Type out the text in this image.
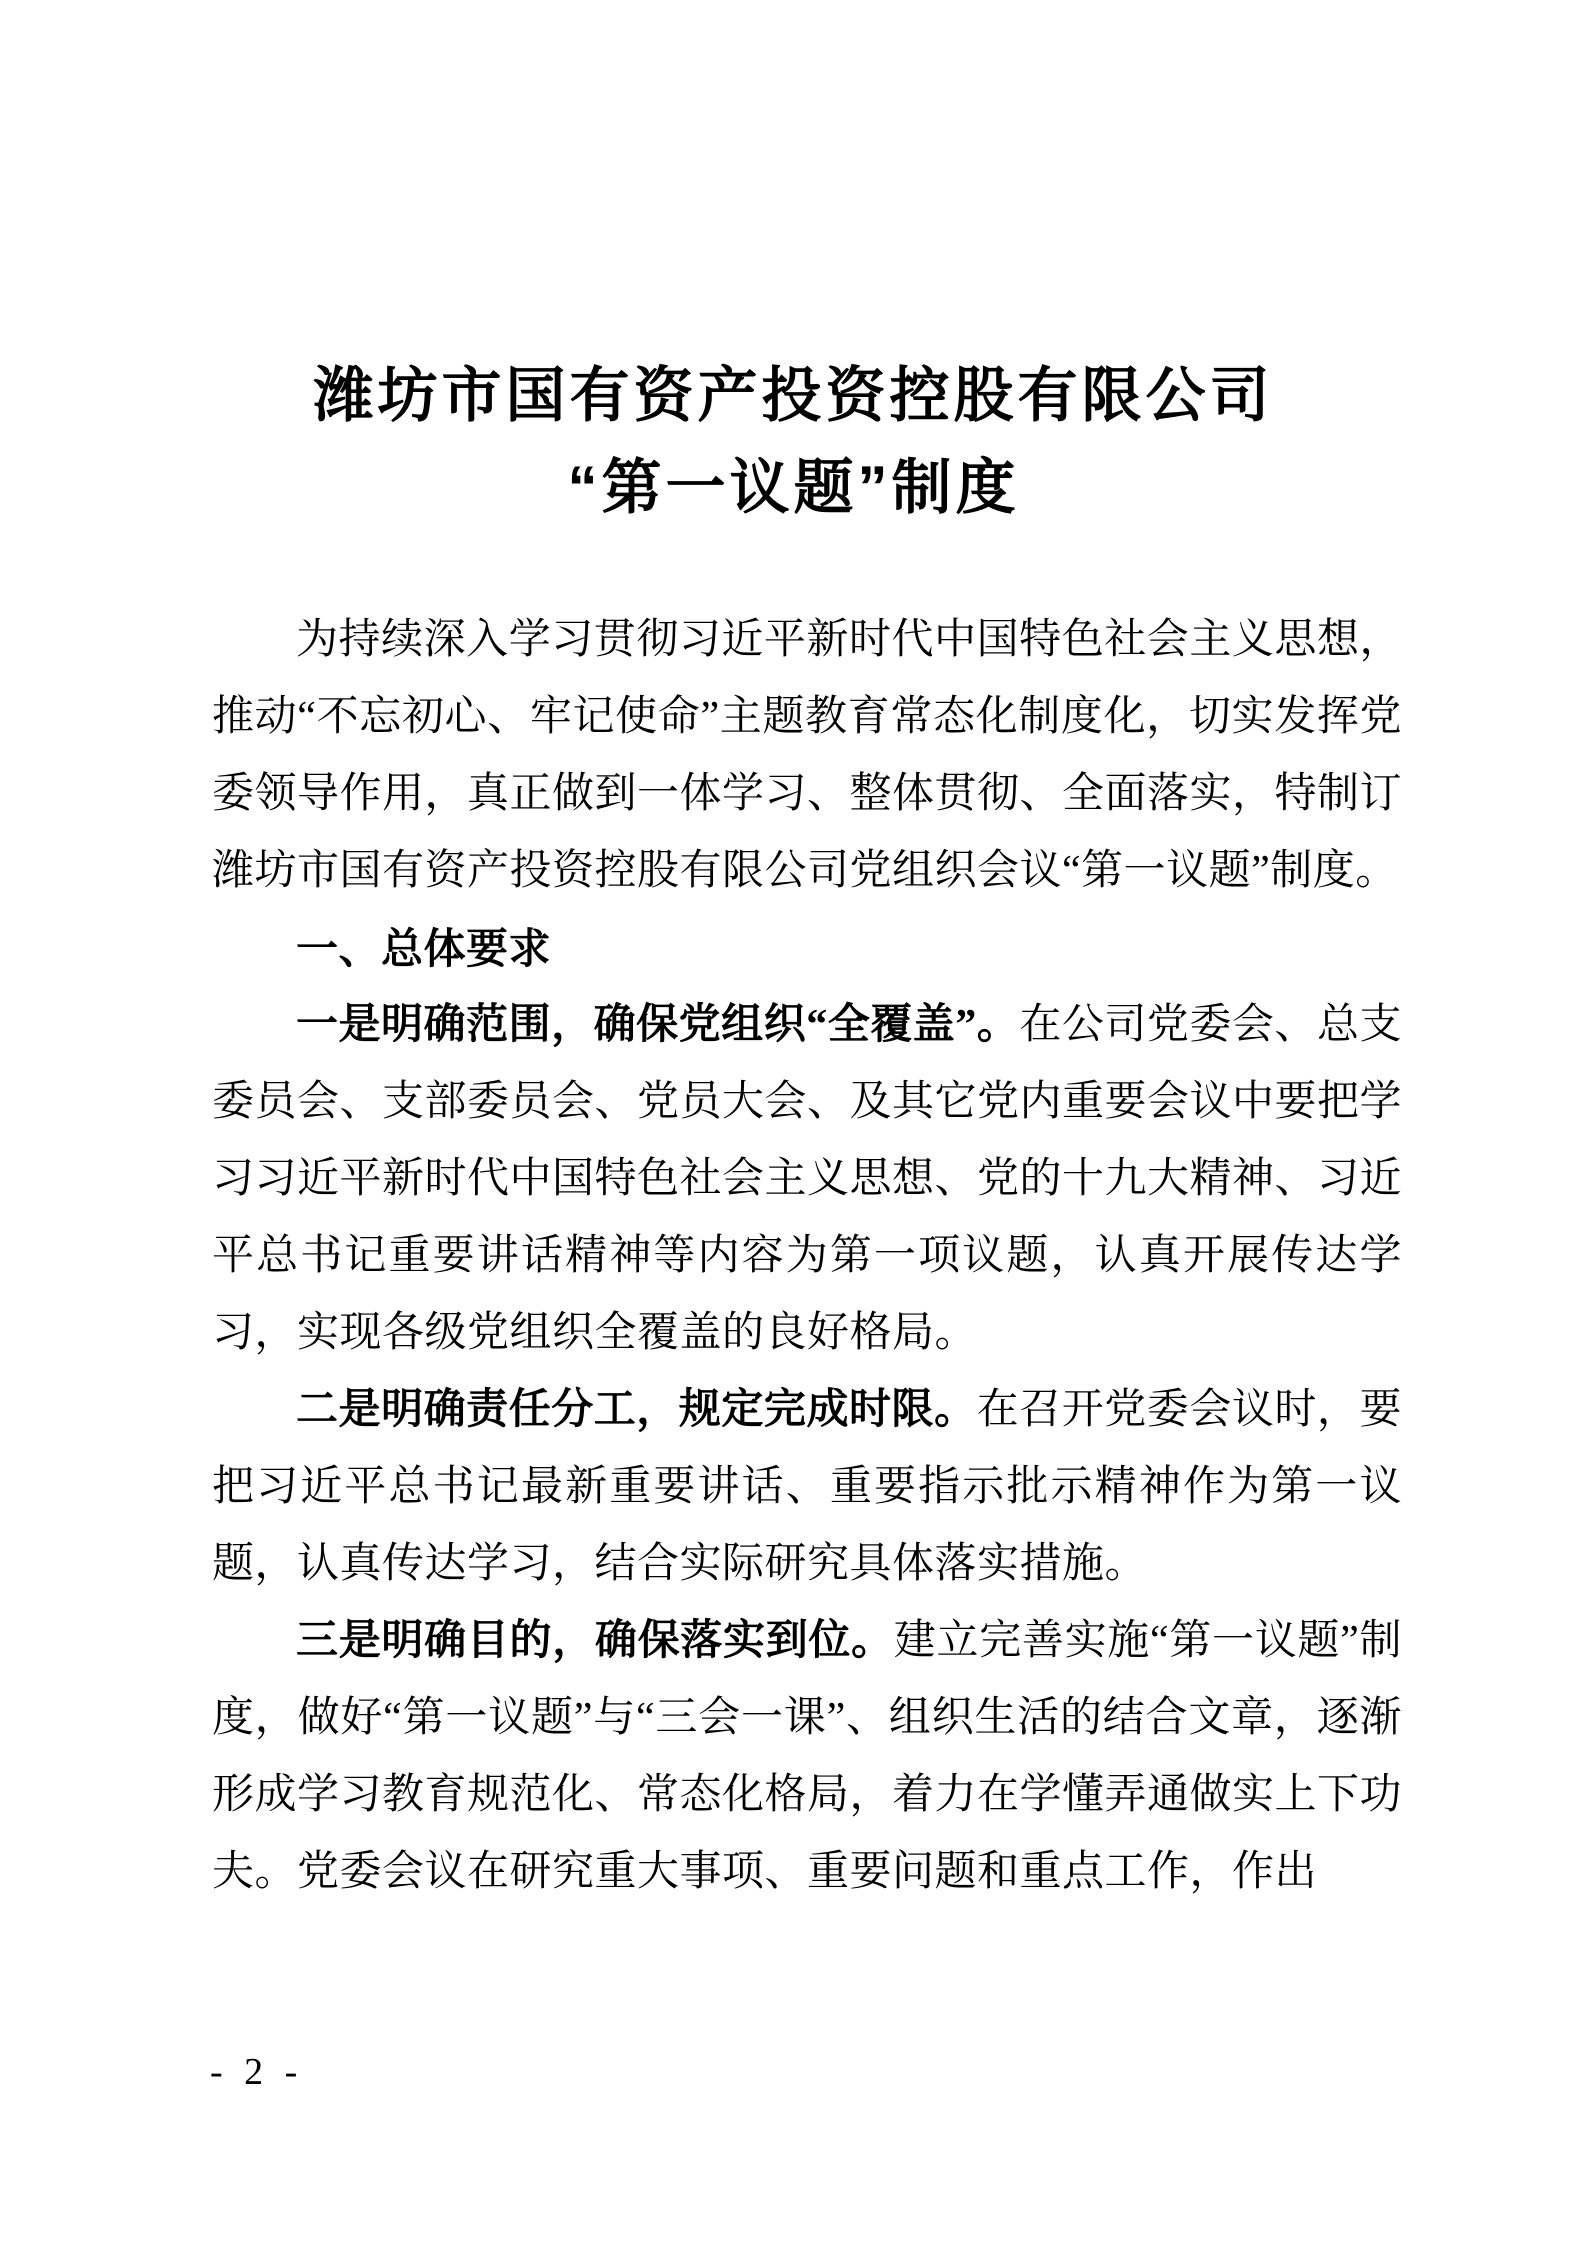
潍坊市国有资产投资控股有限公司
“第一议题”制度

为持续深入学习贯彻习近平新时代中国特色社会主义思想，推动“不忘初心、牢记使命”主题教育常态化制度化，切实发挥党委领导作用，真正做到一体学习、整体贯彻、全面落实，特制订潍坊市国有资产投资控股有限公司党组织会议“第一议题”制度。

一、总体要求

一是明确范围，确保党组织“全覆盖”。在公司党委会、总支委员会、支部委员会、党员大会、及其它党内重要会议中要把学习习近平新时代中国特色社会主义思想、党的十九大精神、习近平总书记重要讲话精神等内容为第一项议题，认真开展传达学习，实现各级党组织全覆盖的良好格局。

二是明确责任分工，规定完成时限。在召开党委会议时，要把习近平总书记最新重要讲话、重要指示批示精神作为第一议题，认真传达学习，结合实际研究具体落实措施。

三是明确目的，确保落实到位。建立完善实施“第一议题”制度，做好“第一议题”与“三会一课”、组织生活的结合文章，逐渐形成学习教育规范化、常态化格局，着力在学懂弄通做实上下功夫。党委会议在研究重大事项、重要问题和重点工作，作出

- 2 -
